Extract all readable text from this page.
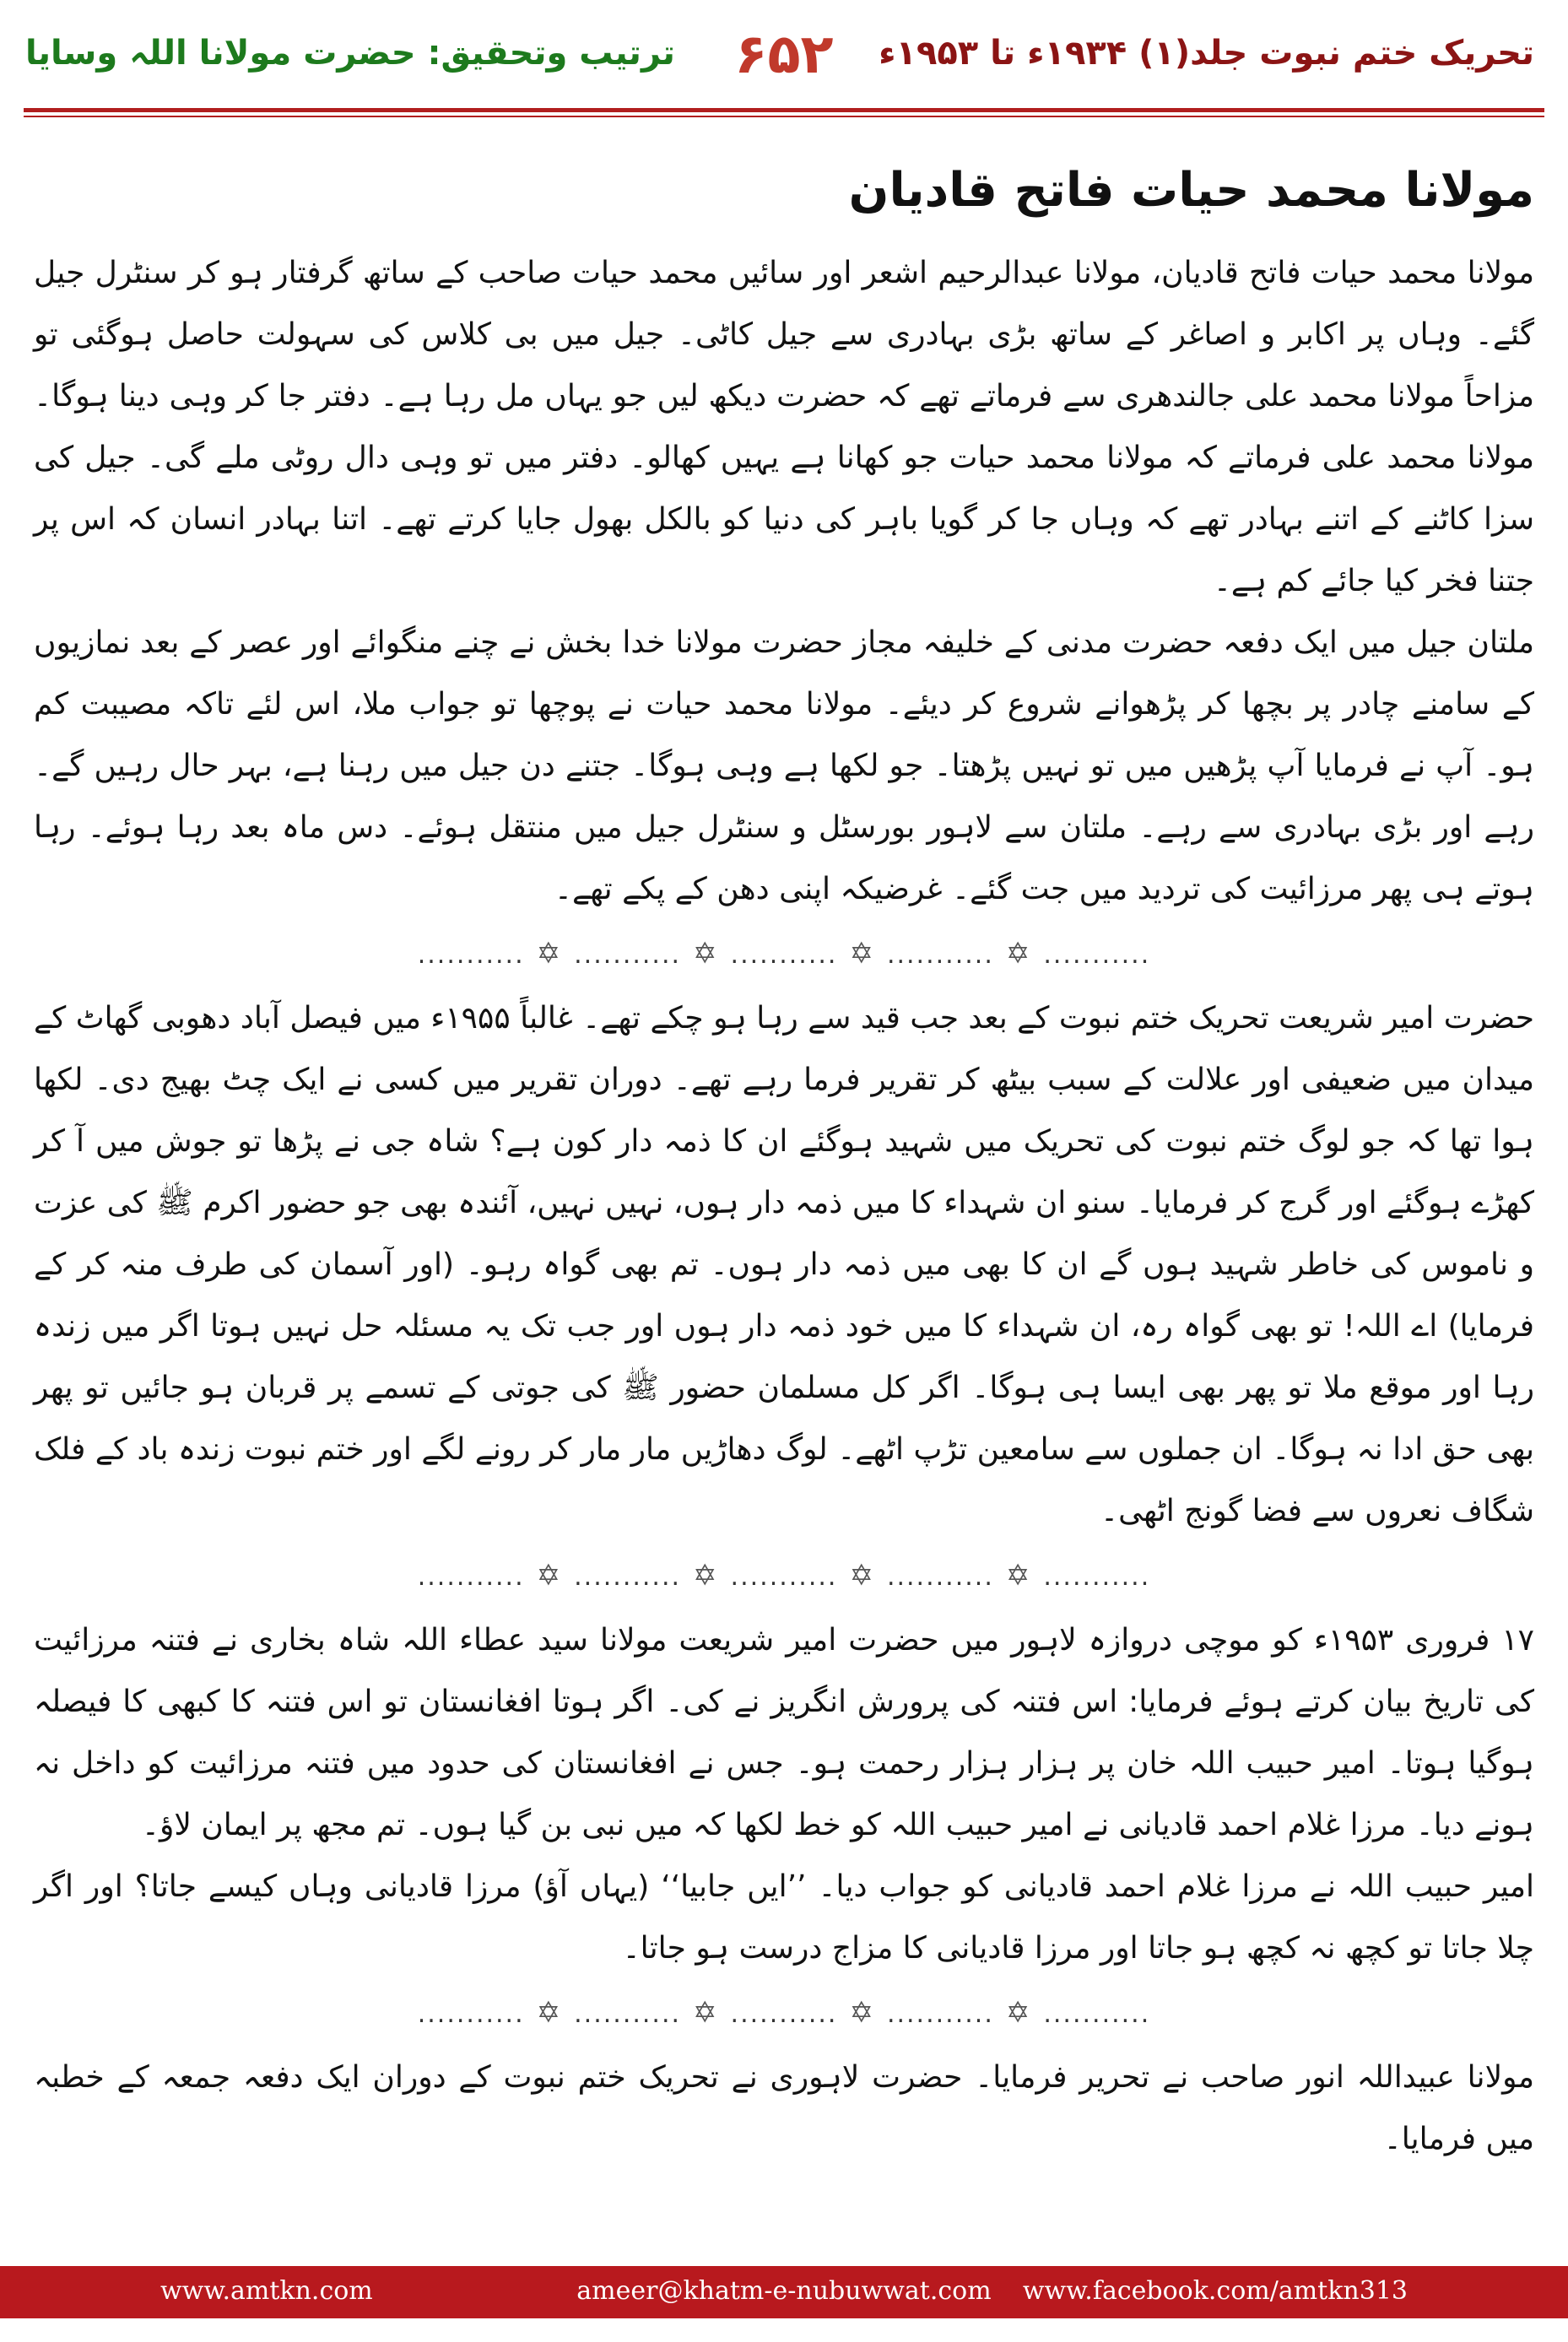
تحریک ختم نبوت جلد(۱) ۱۹۳۴ء تا ۱۹۵۳ء
۶۵۲
ترتیب وتحقیق: حضرت مولانا اللہ وسایا
مولانا محمد حیات فاتح قادیان

مولانا محمد حیات فاتح قادیان، مولانا عبدالرحیم اشعر اور سائیں محمد حیات صاحب کے ساتھ گرفتار ہو کر سنٹرل جیل گئے۔ وہاں پر اکابر و اصاغر کے ساتھ بڑی بہادری سے جیل کاٹی۔ جیل میں بی کلاس کی سہولت حاصل ہوگئی تو مزاحاً مولانا محمد علی جالندھری سے فرماتے تھے کہ حضرت دیکھ لیں جو یہاں مل رہا ہے۔ دفتر جا کر وہی دینا ہوگا۔ مولانا محمد علی فرماتے کہ مولانا محمد حیات جو کھانا ہے یہیں کھالو۔ دفتر میں تو وہی دال روٹی ملے گی۔ جیل کی سزا کاٹنے کے اتنے بہادر تھے کہ وہاں جا کر گویا باہر کی دنیا کو بالکل بھول جایا کرتے تھے۔ اتنا بہادر انسان کہ اس پر جتنا فخر کیا جائے کم ہے۔

ملتان جیل میں ایک دفعہ حضرت مدنی کے خلیفہ مجاز حضرت مولانا خدا بخش نے چنے منگوائے اور عصر کے بعد نمازیوں کے سامنے چادر پر بچھا کر پڑھوانے شروع کر دیئے۔ مولانا محمد حیات نے پوچھا تو جواب ملا، اس لئے تاکہ مصیبت کم ہو۔ آپ نے فرمایا آپ پڑھیں میں تو نہیں پڑھتا۔ جو لکھا ہے وہی ہوگا۔ جتنے دن جیل میں رہنا ہے، بہر حال رہیں گے۔ رہے اور بڑی بہادری سے رہے۔ ملتان سے لاہور بورسٹل و سنٹرل جیل میں منتقل ہوئے۔ دس ماہ بعد رہا ہوئے۔ رہا ہوتے ہی پھر مرزائیت کی تردید میں جت گئے۔ غرضیکہ اپنی دھن کے پکے تھے۔

........... ✡ ........... ✡ ........... ✡ ........... ✡ ...........

حضرت امیر شریعت تحریک ختم نبوت کے بعد جب قید سے رہا ہو چکے تھے۔ غالباً ۱۹۵۵ء میں فیصل آباد دھوبی گھاٹ کے میدان میں ضعیفی اور علالت کے سبب بیٹھ کر تقریر فرما رہے تھے۔ دوران تقریر میں کسی نے ایک چٹ بھیج دی۔ لکھا ہوا تھا کہ جو لوگ ختم نبوت کی تحریک میں شہید ہوگئے ان کا ذمہ دار کون ہے؟ شاہ جی نے پڑھا تو جوش میں آ کر کھڑے ہوگئے اور گرج کر فرمایا۔ سنو ان شہداء کا میں ذمہ دار ہوں، نہیں نہیں، آئندہ بھی جو حضور اکرم ﷺ کی عزت و ناموس کی خاطر شہید ہوں گے ان کا بھی میں ذمہ دار ہوں۔ تم بھی گواہ رہو۔ (اور آسمان کی طرف منہ کر کے فرمایا) اے اللہ! تو بھی گواہ رہ، ان شہداء کا میں خود ذمہ دار ہوں اور جب تک یہ مسئلہ حل نہیں ہوتا اگر میں زندہ رہا اور موقع ملا تو پھر بھی ایسا ہی ہوگا۔ اگر کل مسلمان حضور ﷺ کی جوتی کے تسمے پر قربان ہو جائیں تو پھر بھی حق ادا نہ ہوگا۔ ان جملوں سے سامعین تڑپ اٹھے۔ لوگ دھاڑیں مار مار کر رونے لگے اور ختم نبوت زندہ باد کے فلک شگاف نعروں سے فضا گونج اٹھی۔

........... ✡ ........... ✡ ........... ✡ ........... ✡ ...........

۱۷ فروری ۱۹۵۳ء کو موچی دروازہ لاہور میں حضرت امیر شریعت مولانا سید عطاء اللہ شاہ بخاری نے فتنہ مرزائیت کی تاریخ بیان کرتے ہوئے فرمایا: اس فتنہ کی پرورش انگریز نے کی۔ اگر ہوتا افغانستان تو اس فتنہ کا کبھی کا فیصلہ ہوگیا ہوتا۔ امیر حبیب اللہ خان پر ہزار ہزار رحمت ہو۔ جس نے افغانستان کی حدود میں فتنہ مرزائیت کو داخل نہ ہونے دیا۔ مرزا غلام احمد قادیانی نے امیر حبیب اللہ کو خط لکھا کہ میں نبی بن گیا ہوں۔ تم مجھ پر ایمان لاؤ۔

امیر حبیب اللہ نے مرزا غلام احمد قادیانی کو جواب دیا۔ ’’ایں جابیا‘‘ (یہاں آؤ) مرزا قادیانی وہاں کیسے جاتا؟ اور اگر چلا جاتا تو کچھ نہ کچھ ہو جاتا اور مرزا قادیانی کا مزاج درست ہو جاتا۔

........... ✡ ........... ✡ ........... ✡ ........... ✡ ...........

مولانا عبیداللہ انور صاحب نے تحریر فرمایا۔ حضرت لاہوری نے تحریک ختم نبوت کے دوران ایک دفعہ جمعہ کے خطبہ میں فرمایا۔

ameer@khatm-e-nubuwwat.com
www.amtkn.com	www.facebook.com/amtkn313
